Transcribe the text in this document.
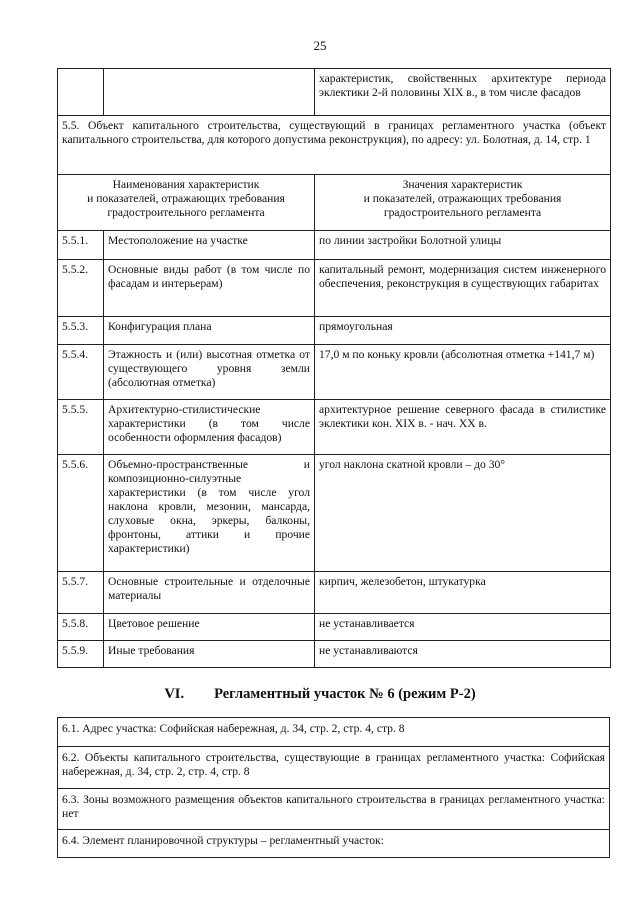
25
		характеристик, свойственных архитектуре периода эклектики 2-й половины XIX в., в том числе фасадов
5.5. Объект капитального строительства, существующий в границах регламентного участка (объект капитального строительства, для которого допустима реконструкция), по адресу: ул. Болотная, д. 14, стр. 1		
Наименования характеристик
и показателей, отражающих требования
градостроительного регламента		Значения характеристик
и показателей, отражающих требования
градостроительного регламента
5.5.1.	Местоположение на участке	по линии застройки Болотной улицы
5.5.2.	Основные виды работ (в том числе по фасадам и интерьерам)	капитальный ремонт, модернизация систем инженерного обеспечения, реконструкция в существующих габаритах
5.5.3.	Конфигурация плана	прямоугольная
5.5.4.	Этажность и (или) высотная отметка от существующего уровня земли (абсолютная отметка)	17,0 м по коньку кровли (абсолютная отметка +141,7 м)
5.5.5.	Архитектурно-стилистические характеристики (в том числе особенности оформления фасадов)	архитектурное решение северного фасада в стилистике эклектики кон. XIX в. - нач. XX в.
5.5.6.	Объемно-пространственные и композиционно-силуэтные характеристики (в том числе угол наклона кровли, мезонин, мансарда, слуховые окна, эркеры, балконы, фронтоны, аттики и прочие характеристики)	угол наклона скатной кровли – до 30°
5.5.7.	Основные строительные и отделочные материалы	кирпич, железобетон, штукатурка
5.5.8.	Цветовое решение	не устанавливается
5.5.9.	Иные требования	не устанавливаются
VI. Регламентный участок № 6 (режим Р-2)
6.1. Адрес участка: Софийская набережная, д. 34, стр. 2, стр. 4, стр. 8
6.2. Объекты капитального строительства, существующие в границах регламентного участка: Софийская набережная, д. 34, стр. 2, стр. 4, стр. 8
6.3. Зоны возможного размещения объектов капитального строительства в границах регламентного участка: нет
6.4. Элемент планировочной структуры – регламентный участок:
